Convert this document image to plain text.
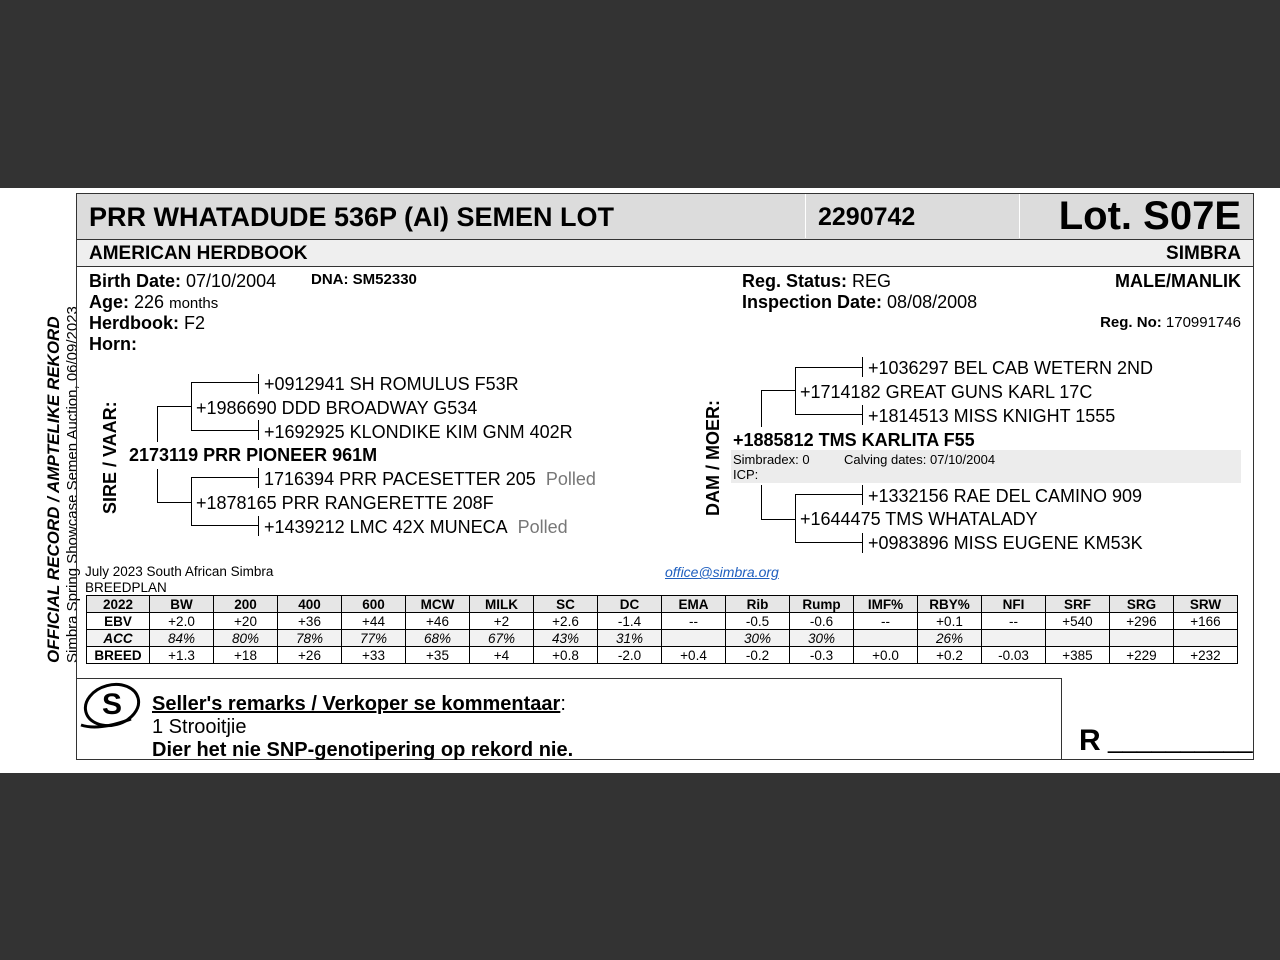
OFFICIAL RECORD / AMPTELIKE REKORD Simbra Spring Showcase Semen Auction, 06/09/2023
PRR WHATADUDE 536P (AI) SEMEN LOT	2290742	Lot. S07E
AMERICAN HERDBOOK	SIMBRA
Birth Date: 07/10/2004 DNA: SM52330
Age: 226 months
Herdbook: F2
Horn:
Reg. Status: REG
Inspection Date: 08/08/2008
MALE/MANLIK
Reg. No: 170991746
SIRE / VAAR:
+0912941 SH ROMULUS F53R
+1986690 DDD BROADWAY G534
+1692925 KLONDIKE KIM GNM 402R
2173119 PRR PIONEER 961M
1716394 PRR PACESETTER 205 Polled
+1878165 PRR RANGERETTE 208F
+1439212 LMC 42X MUNECA Polled
DAM / MOER:
+1036297 BEL CAB WETERN 2ND
+1714182 GREAT GUNS KARL 17C
+1814513 MISS KNIGHT 1555
+1885812 TMS KARLITA F55
Simbradex: 0	Calving dates: 07/10/2004
ICP:
+1332156 RAE DEL CAMINO 909
+1644475 TMS WHATALADY
+0983896 MISS EUGENE KM53K
July 2023 South African Simbra
BREEDPLAN
office@simbra.org
2022	BW	200	400	600	MCW	MILK	SC	DC	EMA	Rib	Rump	IMF%	RBY%	NFI	SRF	SRG	SRW
EBV	+2.0	+20	+36	+44	+46	+2	+2.6	-1.4	--	-0.5	-0.6	--	+0.1	--	+540	+296	+166
ACC	84%	80%	78%	77%	68%	67%	43%	31%		30%	30%		26%				
BREED	+1.3	+18	+26	+33	+35	+4	+0.8	-2.0	+0.4	-0.2	-0.3	+0.0	+0.2	-0.03	+385	+229	+232
S Seller's remarks / Verkoper se kommentaar:
1 Strooitjie
Dier het nie SNP-genotipering op rekord nie.	R __________
